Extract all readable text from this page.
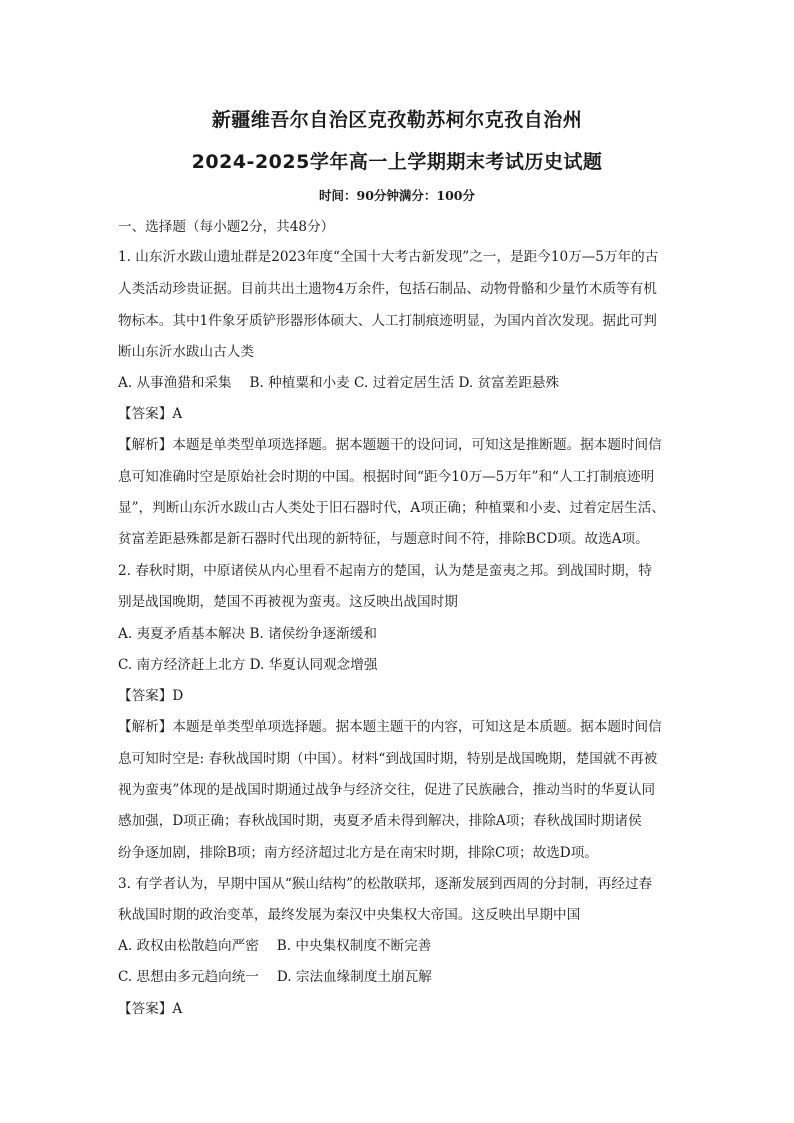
新疆维吾尔自治区克孜勒苏柯尔克孜自治州
2024-2025学年高一上学期期末考试历史试题
时间：90分钟满分：100分
一、选择题（每小题2分，共48分）
1. 山东沂水跋山遗址群是2023年度“全国十大考古新发现”之一，是距今10万—5万年的古
人类活动珍贵证据。目前共出土遗物4万余件，包括石制品、动物骨骼和少量竹木质等有机
物标本。其中1件象牙质铲形器形体硕大、人工打制痕迹明显，为国内首次发现。据此可判
断山东沂水跋山古人类
A. 从事渔猎和采集　 B. 种植粟和小麦 C. 过着定居生活 D. 贫富差距悬殊
【答案】A
【解析】本题是单类型单项选择题。据本题题干的设问词，可知这是推断题。据本题时间信
息可知准确时空是原始社会时期的中国。根据时间“距今10万—5万年”和“人工打制痕迹明
显”，判断山东沂水跋山古人类处于旧石器时代，A项正确；种植粟和小麦、过着定居生活、
贫富差距悬殊都是新石器时代出现的新特征，与题意时间不符，排除BCD项。故选A项。
2. 春秋时期，中原诸侯从内心里看不起南方的楚国，认为楚是蛮夷之邦。到战国时期，特
别是战国晚期，楚国不再被视为蛮夷。这反映出战国时期
A. 夷夏矛盾基本解决 B. 诸侯纷争逐渐缓和
C. 南方经济赶上北方 D. 华夏认同观念增强
【答案】D
【解析】本题是单类型单项选择题。据本题主题干的内容，可知这是本质题。据本题时间信
息可知时空是: 春秋战国时期（中国）。材料“到战国时期，特别是战国晚期，楚国就不再被
视为蛮夷”体现的是战国时期通过战争与经济交往，促进了民族融合，推动当时的华夏认同
感加强，D项正确；春秋战国时期，夷夏矛盾未得到解决，排除A项；春秋战国时期诸侯
纷争逐加剧，排除B项；南方经济超过北方是在南宋时期，排除C项；故选D项。
3. 有学者认为，早期中国从“猴山结构”的松散联邦，逐渐发展到西周的分封制，再经过春
秋战国时期的政治变革，最终发展为秦汉中央集权大帝国。这反映出早期中国
A. 政权由松散趋向严密　 B. 中央集权制度不断完善
C. 思想由多元趋向统一　 D. 宗法血缘制度土崩瓦解
【答案】A
